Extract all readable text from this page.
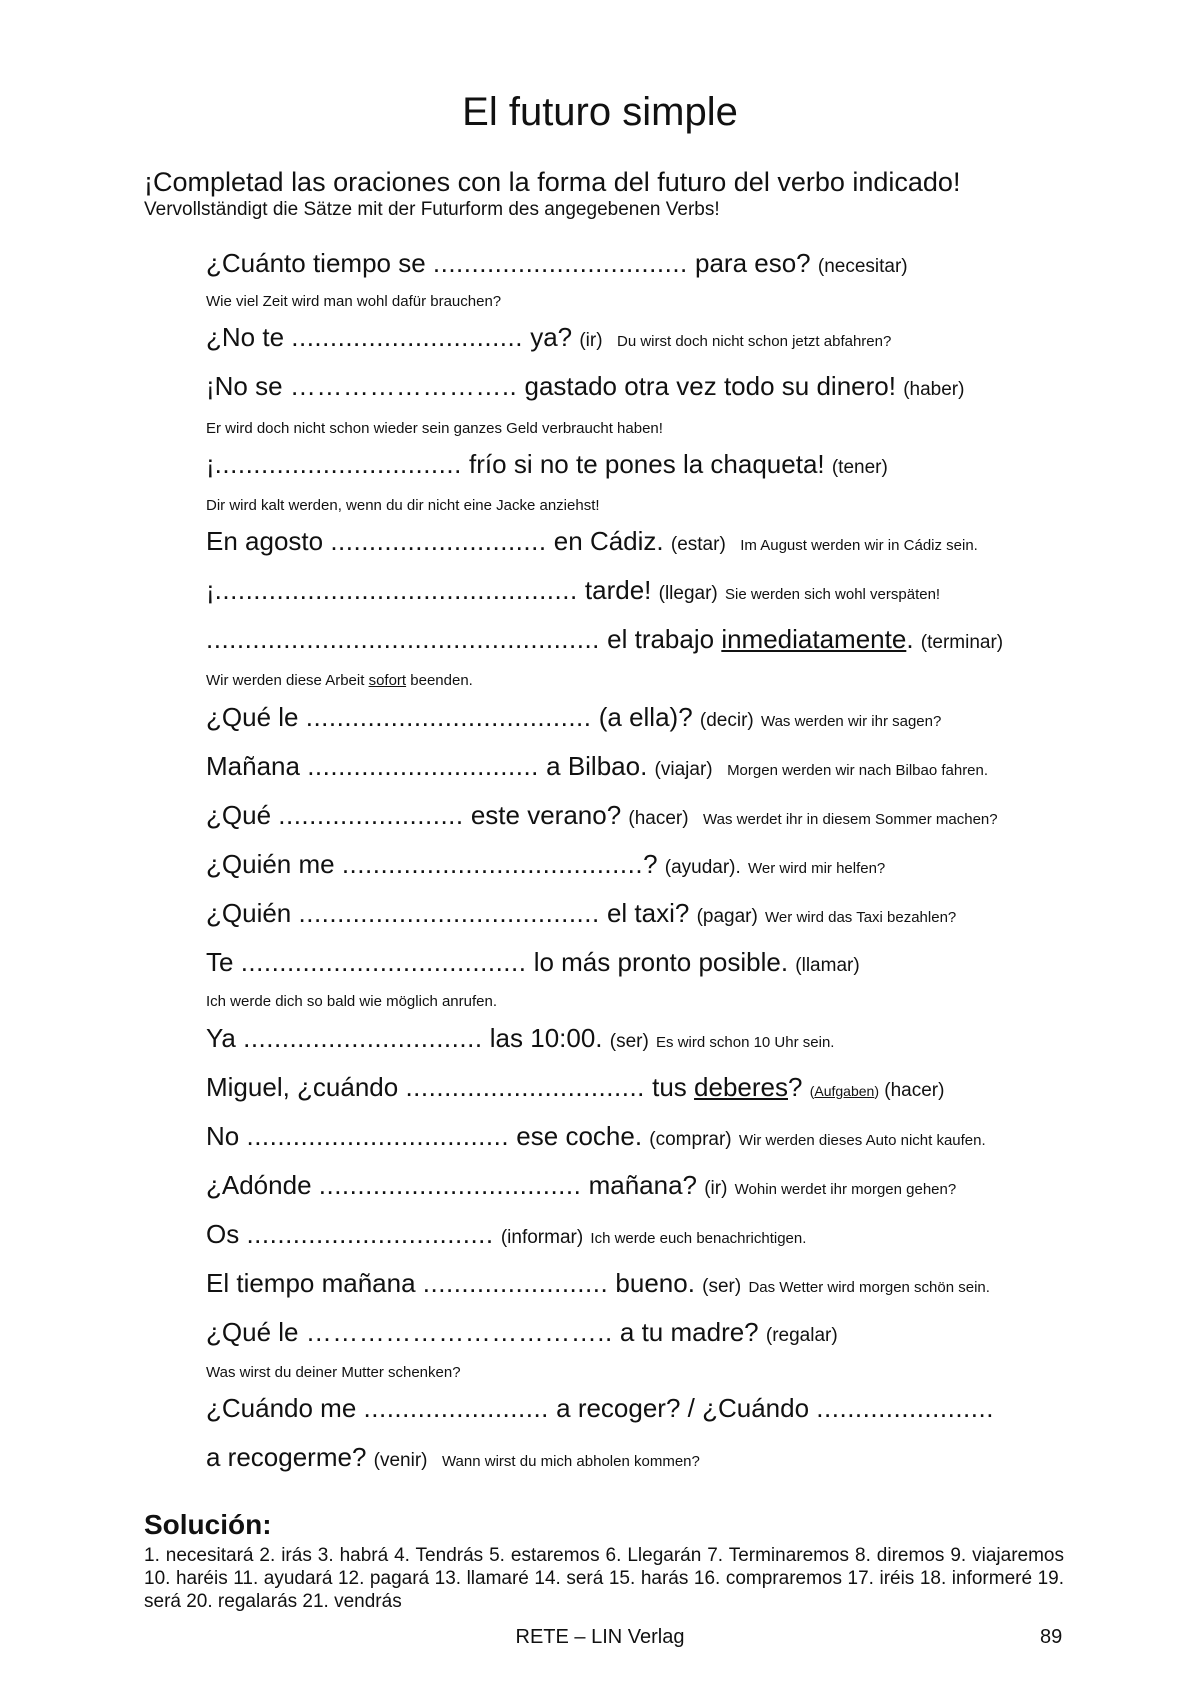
El futuro simple
¡Completad las oraciones con la forma del futuro del verbo indicado!
Vervollständigt die Sätze mit der Futurform des angegebenen Verbs!
¿Cuánto tiempo se ................................. para eso? (necesitar)
Wie viel Zeit wird man wohl dafür brauchen?
¿No te .............................. ya? (ir) Du wirst doch nicht schon jetzt abfahren?
¡No se …………………….. gastado otra vez todo su dinero! (haber)
Er wird doch nicht schon wieder sein ganzes Geld verbraucht haben!
¡................................ frío si no te pones la chaqueta! (tener)
Dir wird kalt werden, wenn du dir nicht eine Jacke anziehst!
En agosto ............................ en Cádiz. (estar) Im August werden wir in Cádiz sein.
¡............................................... tarde! (llegar) Sie werden sich wohl verspäten!
................................................... el trabajo inmediatamente. (terminar)
Wir werden diese Arbeit sofort beenden.
¿Qué le ..................................... (a ella)? (decir) Was werden wir ihr sagen?
Mañana .............................. a Bilbao. (viajar) Morgen werden wir nach Bilbao fahren.
¿Qué ........................ este verano? (hacer) Was werdet ihr in diesem Sommer machen?
¿Quién me .......................................? (ayudar). Wer wird mir helfen?
¿Quién ....................................... el taxi? (pagar) Wer wird das Taxi bezahlen?
Te ..................................... lo más pronto posible. (llamar)
Ich werde dich so bald wie möglich anrufen.
Ya ............................... las 10:00. (ser) Es wird schon 10 Uhr sein.
Miguel, ¿cuándo ............................... tus deberes? (Aufgaben) (hacer)
No .................................. ese coche. (comprar) Wir werden dieses Auto nicht kaufen.
¿Adónde .................................. mañana? (ir) Wohin werdet ihr morgen gehen?
Os ................................ (informar) Ich werde euch benachrichtigen.
El tiempo mañana ........................ bueno. (ser) Das Wetter wird morgen schön sein.
¿Qué le …………………………….. a tu madre? (regalar)
Was wirst du deiner Mutter schenken?
¿Cuándo me ........................ a recoger? / ¿Cuándo .......................
a recogerme? (venir) Wann wirst du mich abholen kommen?
Solución:
1. necesitará 2. irás 3. habrá 4. Tendrás 5. estaremos 6. Llegarán 7. Terminaremos 8. diremos 9. viajaremos 10. haréis 11. ayudará 12. pagará 13. llamaré 14. será 15. harás 16. compraremos 17. iréis 18. informeré 19. será 20. regalarás 21. vendrás
RETE – LIN Verlag	89
